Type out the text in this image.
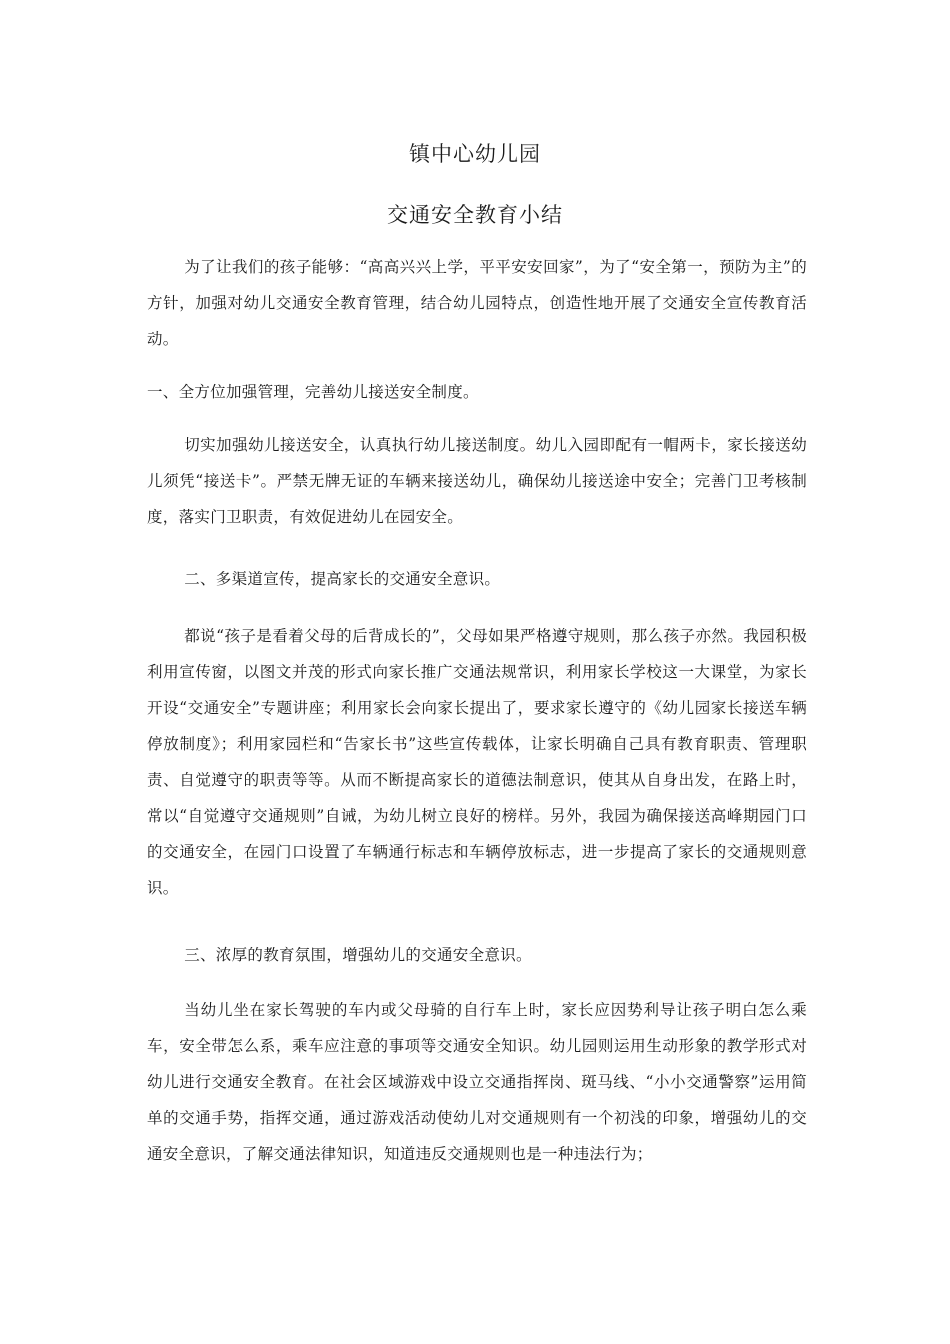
镇中心幼儿园
交通安全教育小结

为了让我们的孩子能够：“高高兴兴上学，平平安安回家”，为了“安全第一，预防为主”的方针，加强对幼儿交通安全教育管理，结合幼儿园特点，创造性地开展了交通安全宣传教育活动。

一、全方位加强管理，完善幼儿接送安全制度。

切实加强幼儿接送安全，认真执行幼儿接送制度。幼儿入园即配有一帽两卡，家长接送幼儿须凭“接送卡”。严禁无牌无证的车辆来接送幼儿，确保幼儿接送途中安全；完善门卫考核制度，落实门卫职责，有效促进幼儿在园安全。

二、多渠道宣传，提高家长的交通安全意识。

都说“孩子是看着父母的后背成长的”，父母如果严格遵守规则，那么孩子亦然。我园积极利用宣传窗，以图文并茂的形式向家长推广交通法规常识，利用家长学校这一大课堂，为家长开设“交通安全”专题讲座；利用家长会向家长提出了，要求家长遵守的《幼儿园家长接送车辆停放制度》；利用家园栏和“告家长书”这些宣传载体，让家长明确自己具有教育职责、管理职责、自觉遵守的职责等等。从而不断提高家长的道德法制意识，使其从自身出发，在路上时，常以“自觉遵守交通规则”自诫，为幼儿树立良好的榜样。另外，我园为确保接送高峰期园门口的交通安全，在园门口设置了车辆通行标志和车辆停放标志，进一步提高了家长的交通规则意识。

三、浓厚的教育氛围，增强幼儿的交通安全意识。

当幼儿坐在家长驾驶的车内或父母骑的自行车上时，家长应因势利导让孩子明白怎么乘车，安全带怎么系，乘车应注意的事项等交通安全知识。幼儿园则运用生动形象的教学形式对幼儿进行交通安全教育。在社会区域游戏中设立交通指挥岗、斑马线、“小小交通警察”运用简单的交通手势，指挥交通，通过游戏活动使幼儿对交通规则有一个初浅的印象，增强幼儿的交通安全意识，了解交通法律知识，知道违反交通规则也是一种违法行为；
